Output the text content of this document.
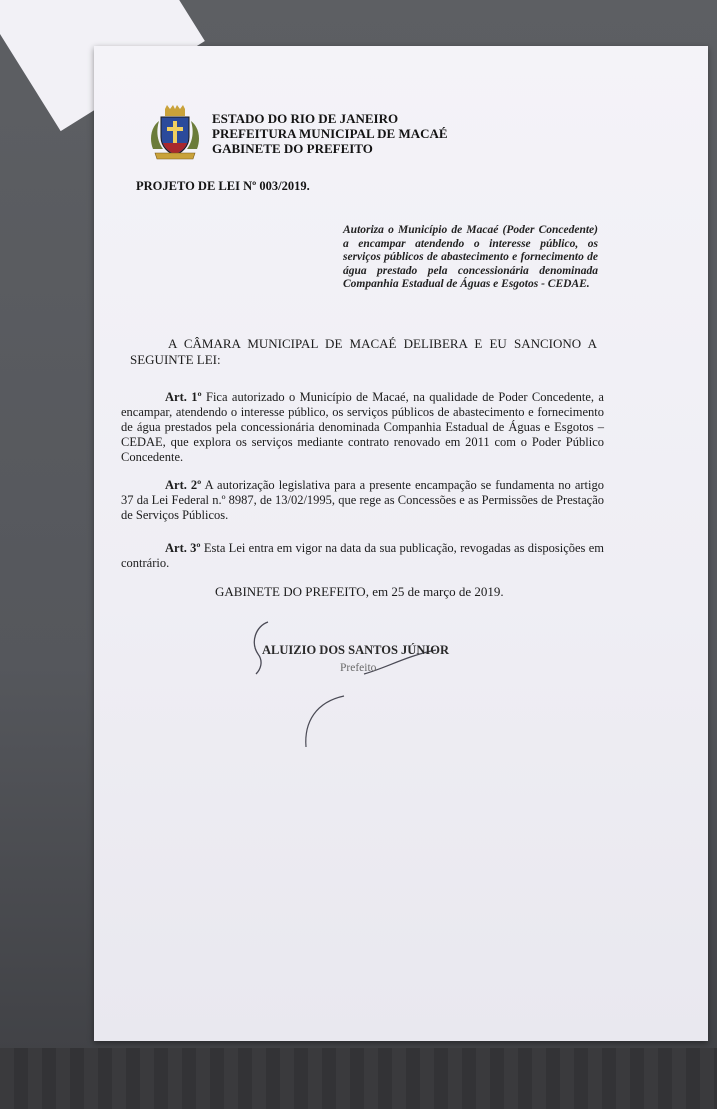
ESTADO DO RIO DE JANEIRO
PREFEITURA MUNICIPAL DE MACAÉ
GABINETE DO PREFEITO
PROJETO DE LEI Nº 003/2019.
Autoriza o Município de Macaé (Poder Concedente) a encampar atendendo o interesse público, os serviços públicos de abastecimento e fornecimento de água prestado pela concessionária denominada Companhia Estadual de Águas e Esgotos - CEDAE.
A CÂMARA MUNICIPAL DE MACAÉ DELIBERA E EU SANCIONO A SEGUINTE LEI:
Art. 1º Fica autorizado o Município de Macaé, na qualidade de Poder Concedente, a encampar, atendendo o interesse público, os serviços públicos de abastecimento e fornecimento de água prestados pela concessionária denominada Companhia Estadual de Águas e Esgotos – CEDAE, que explora os serviços mediante contrato renovado em 2011 com o Poder Público Concedente.
Art. 2º A autorização legislativa para a presente encampação se fundamenta no artigo 37 da Lei Federal n.º 8987, de 13/02/1995, que rege as Concessões e as Permissões de Prestação de Serviços Públicos.
Art. 3º Esta Lei entra em vigor na data da sua publicação, revogadas as disposições em contrário.
GABINETE DO PREFEITO, em 25 de março de 2019.
ALUIZIO DOS SANTOS JÚNIOR
Prefeito
